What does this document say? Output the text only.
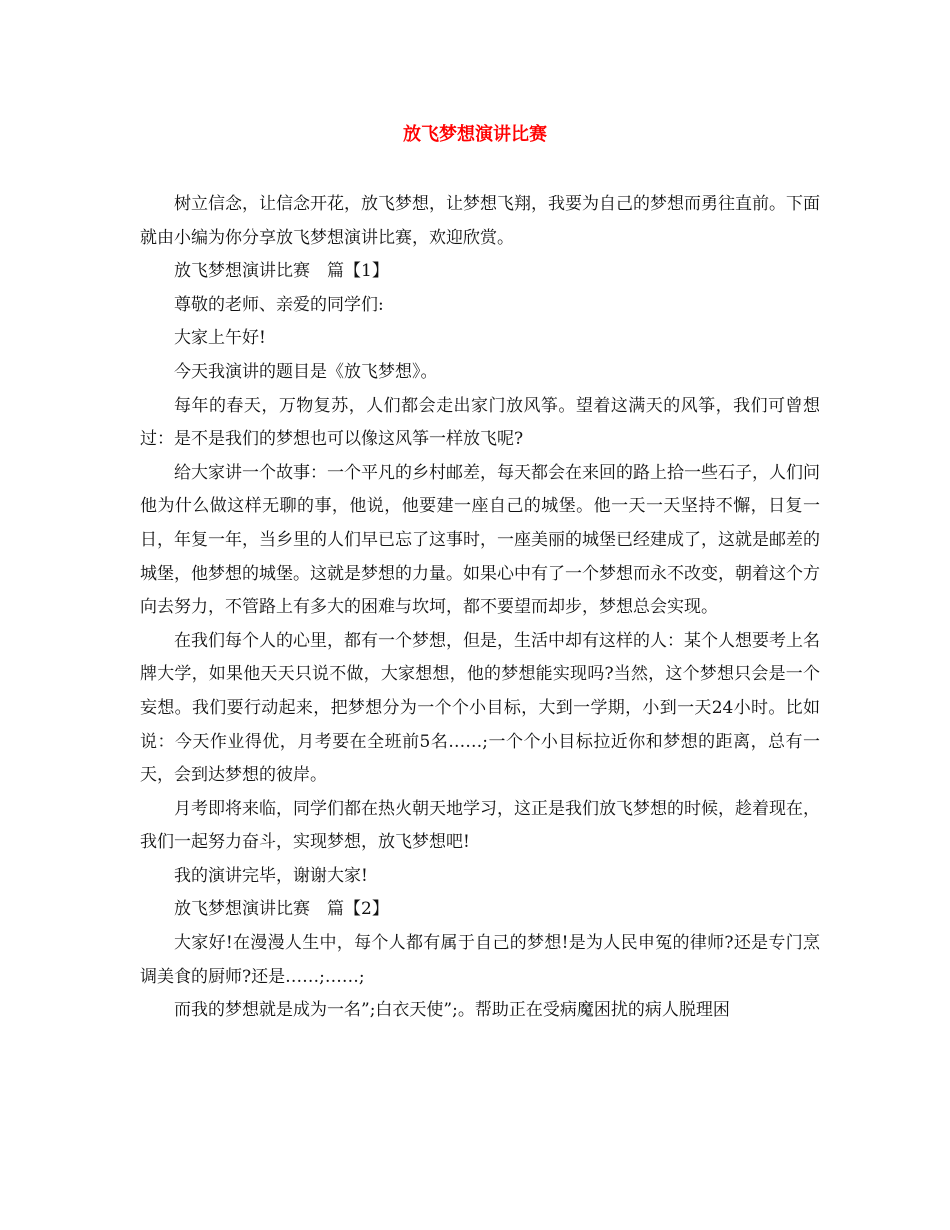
放飞梦想演讲比赛

树立信念，让信念开花，放飞梦想，让梦想飞翔，我要为自己的梦想而勇往直前。下面就由小编为你分享放飞梦想演讲比赛，欢迎欣赏。

放飞梦想演讲比赛　篇【1】

尊敬的老师、亲爱的同学们:

大家上午好!

今天我演讲的题目是《放飞梦想》。

每年的春天，万物复苏，人们都会走出家门放风筝。望着这满天的风筝，我们可曾想过：是不是我们的梦想也可以像这风筝一样放飞呢?

给大家讲一个故事：一个平凡的乡村邮差，每天都会在来回的路上拾一些石子，人们问他为什么做这样无聊的事，他说，他要建一座自己的城堡。他一天一天坚持不懈，日复一日，年复一年，当乡里的人们早已忘了这事时，一座美丽的城堡已经建成了，这就是邮差的城堡，他梦想的城堡。这就是梦想的力量。如果心中有了一个梦想而永不改变，朝着这个方向去努力，不管路上有多大的困难与坎坷，都不要望而却步，梦想总会实现。

在我们每个人的心里，都有一个梦想，但是，生活中却有这样的人：某个人想要考上名牌大学，如果他天天只说不做，大家想想，他的梦想能实现吗?当然，这个梦想只会是一个妄想。我们要行动起来，把梦想分为一个个小目标，大到一学期，小到一天24小时。比如说：今天作业得优，月考要在全班前5名……;一个个小目标拉近你和梦想的距离，总有一天，会到达梦想的彼岸。

月考即将来临，同学们都在热火朝天地学习，这正是我们放飞梦想的时候，趁着现在，我们一起努力奋斗，实现梦想，放飞梦想吧!

我的演讲完毕，谢谢大家!

放飞梦想演讲比赛　篇【2】

大家好!在漫漫人生中，每个人都有属于自己的梦想!是为人民申冤的律师?还是专门烹调美食的厨师?还是……;……;

而我的梦想就是成为一名”;白衣天使”;。帮助正在受病魔困扰的病人脱理困
